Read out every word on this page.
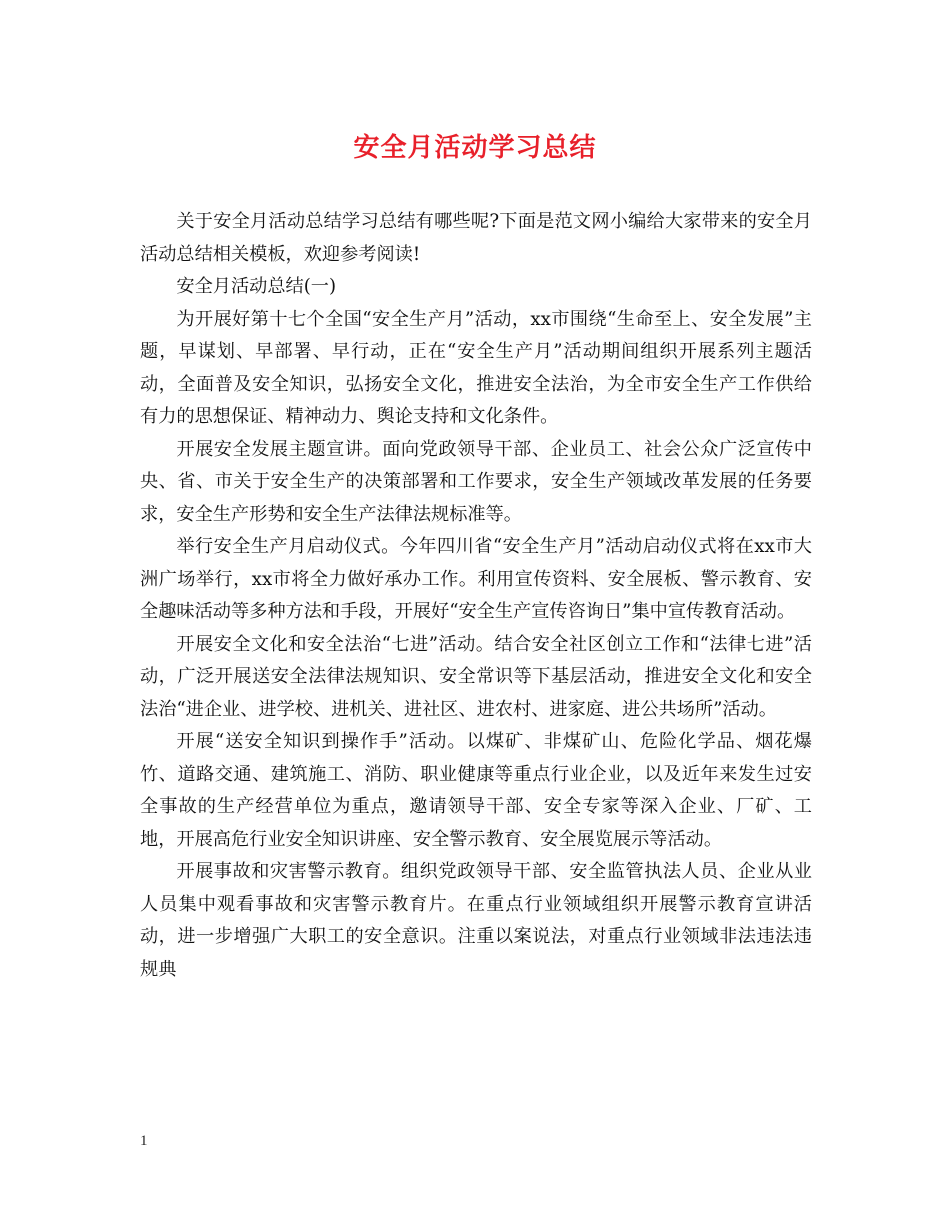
安全月活动学习总结

关于安全月活动总结学习总结有哪些呢?下面是范文网小编给大家带来的安全月活动总结相关模板，欢迎参考阅读!

安全月活动总结(一)

为开展好第十七个全国“安全生产月”活动，xx市围绕“生命至上、安全发展”主题，早谋划、早部署、早行动，正在“安全生产月”活动期间组织开展系列主题活动，全面普及安全知识，弘扬安全文化，推进安全法治，为全市安全生产工作供给有力的思想保证、精神动力、舆论支持和文化条件。

开展安全发展主题宣讲。面向党政领导干部、企业员工、社会公众广泛宣传中央、省、市关于安全生产的决策部署和工作要求，安全生产领域改革发展的任务要求，安全生产形势和安全生产法律法规标准等。

举行安全生产月启动仪式。今年四川省“安全生产月”活动启动仪式将在xx市大洲广场举行，xx市将全力做好承办工作。利用宣传资料、安全展板、警示教育、安全趣味活动等多种方法和手段，开展好“安全生产宣传咨询日”集中宣传教育活动。

开展安全文化和安全法治“七进”活动。结合安全社区创立工作和“法律七进”活动，广泛开展送安全法律法规知识、安全常识等下基层活动，推进安全文化和安全法治“进企业、进学校、进机关、进社区、进农村、进家庭、进公共场所”活动。

开展“送安全知识到操作手”活动。以煤矿、非煤矿山、危险化学品、烟花爆竹、道路交通、建筑施工、消防、职业健康等重点行业企业，以及近年来发生过安全事故的生产经营单位为重点，邀请领导干部、安全专家等深入企业、厂矿、工地，开展高危行业安全知识讲座、安全警示教育、安全展览展示等活动。

开展事故和灾害警示教育。组织党政领导干部、安全监管执法人员、企业从业人员集中观看事故和灾害警示教育片。在重点行业领域组织开展警示教育宣讲活动，进一步增强广大职工的安全意识。注重以案说法，对重点行业领域非法违法违规典

1
